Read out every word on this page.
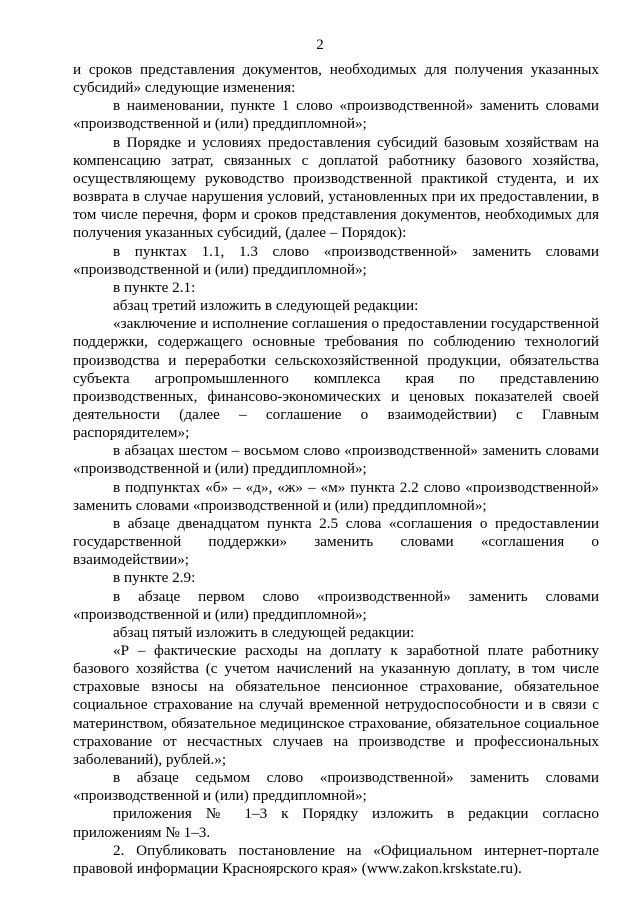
2

и сроков представления документов, необходимых для получения указанных субсидий» следующие изменения:

в наименовании, пункте 1 слово «производственной» заменить словами «производственной и (или) преддипломной»;

в Порядке и условиях предоставления субсидий базовым хозяйствам на компенсацию затрат, связанных с доплатой работнику базового хозяйства, осуществляющему руководство производственной практикой студента, и их возврата в случае нарушения условий, установленных при их предоставлении, в том числе перечня, форм и сроков представления документов, необходимых для получения указанных субсидий, (далее – Порядок):

в пунктах 1.1, 1.3 слово «производственной» заменить словами «производственной и (или) преддипломной»;

в пункте 2.1:

абзац третий изложить в следующей редакции:

«заключение и исполнение соглашения о предоставлении государственной поддержки, содержащего основные требования по соблюдению технологий производства и переработки сельскохозяйственной продукции, обязательства субъекта агропромышленного комплекса края по представлению производственных, финансово-экономических и ценовых показателей своей деятельности (далее – соглашение о взаимодействии) с Главным распорядителем»;

в абзацах шестом – восьмом слово «производственной» заменить словами «производственной и (или) преддипломной»;

в подпунктах «б» – «д», «ж» – «м» пункта 2.2 слово «производственной» заменить словами «производственной и (или) преддипломной»;

в абзаце двенадцатом пункта 2.5 слова «соглашения о предоставлении государственной поддержки» заменить словами «соглашения о взаимодействии»;

в пункте 2.9:

в абзаце первом слово «производственной» заменить словами «производственной и (или) преддипломной»;

абзац пятый изложить в следующей редакции:

«Р – фактические расходы на доплату к заработной плате работнику базового хозяйства (с учетом начислений на указанную доплату, в том числе страховые взносы на обязательное пенсионное страхование, обязательное социальное страхование на случай временной нетрудоспособности и в связи с материнством, обязательное медицинское страхование, обязательное социальное страхование от несчастных случаев на производстве и профессиональных заболеваний), рублей.»;

в абзаце седьмом слово «производственной» заменить словами «производственной и (или) преддипломной»;

приложения № 1–3 к Порядку изложить в редакции согласно приложениям № 1–3.

2. Опубликовать постановление на «Официальном интернет-портале правовой информации Красноярского края» (www.zakon.krskstate.ru).
